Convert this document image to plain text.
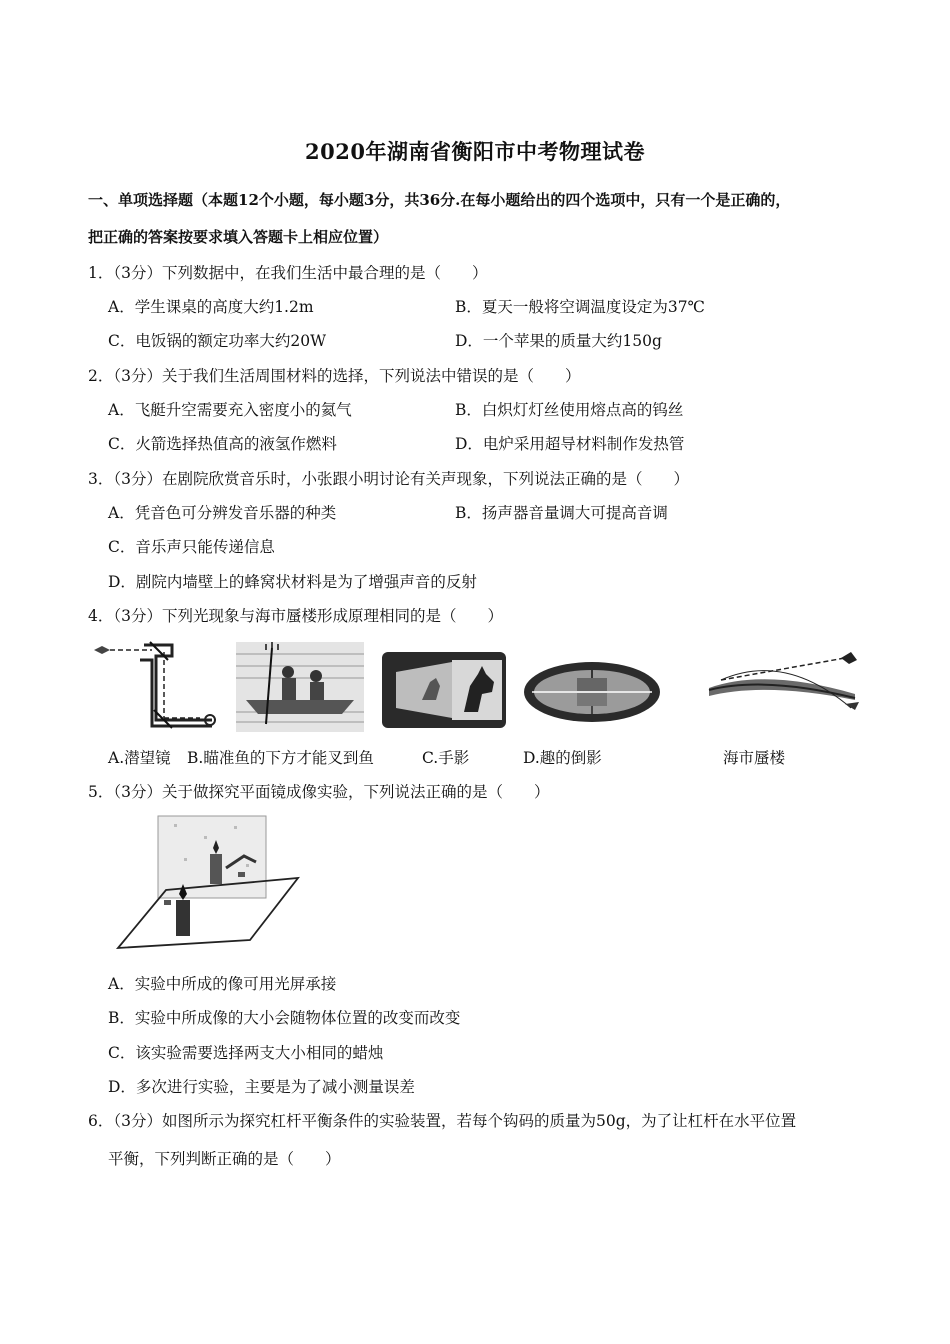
2020年湖南省衡阳市中考物理试卷
一、单项选择题（本题12个小题，每小题3分，共36分.在每小题给出的四个选项中，只有一个是正确的，
把正确的答案按要求填入答题卡上相应位置）
1．（3分）下列数据中，在我们生活中最合理的是（　　）
A．学生课桌的高度大约1.2m	B．夏天一般将空调温度设定为37℃
C．电饭锅的额定功率大约20W	D．一个苹果的质量大约150g
2．（3分）关于我们生活周围材料的选择，下列说法中错误的是（　　）
A．飞艇升空需要充入密度小的氦气	B．白炽灯灯丝使用熔点高的钨丝
C．火箭选择热值高的液氢作燃料	D．电炉采用超导材料制作发热管
3．（3分）在剧院欣赏音乐时，小张跟小明讨论有关声现象，下列说法正确的是（　　）
A．凭音色可分辨发音乐器的种类	B．扬声器音量调大可提高音调
C．音乐声只能传递信息
D．剧院内墙壁上的蜂窝状材料是为了增强声音的反射
4．（3分）下列光现象与海市蜃楼形成原理相同的是（　　）
A.潜望镜 B.瞄准鱼的下方才能叉到鱼	C.手影	D.趣的倒影	海市蜃楼
5．（3分）关于做探究平面镜成像实验，下列说法正确的是（　　）
A．实验中所成的像可用光屏承接
B．实验中所成像的大小会随物体位置的改变而改变
C．该实验需要选择两支大小相同的蜡烛
D．多次进行实验，主要是为了减小测量误差
6．（3分）如图所示为探究杠杆平衡条件的实验装置，若每个钩码的质量为50g，为了让杠杆在水平位置
平衡，下列判断正确的是（　　）
